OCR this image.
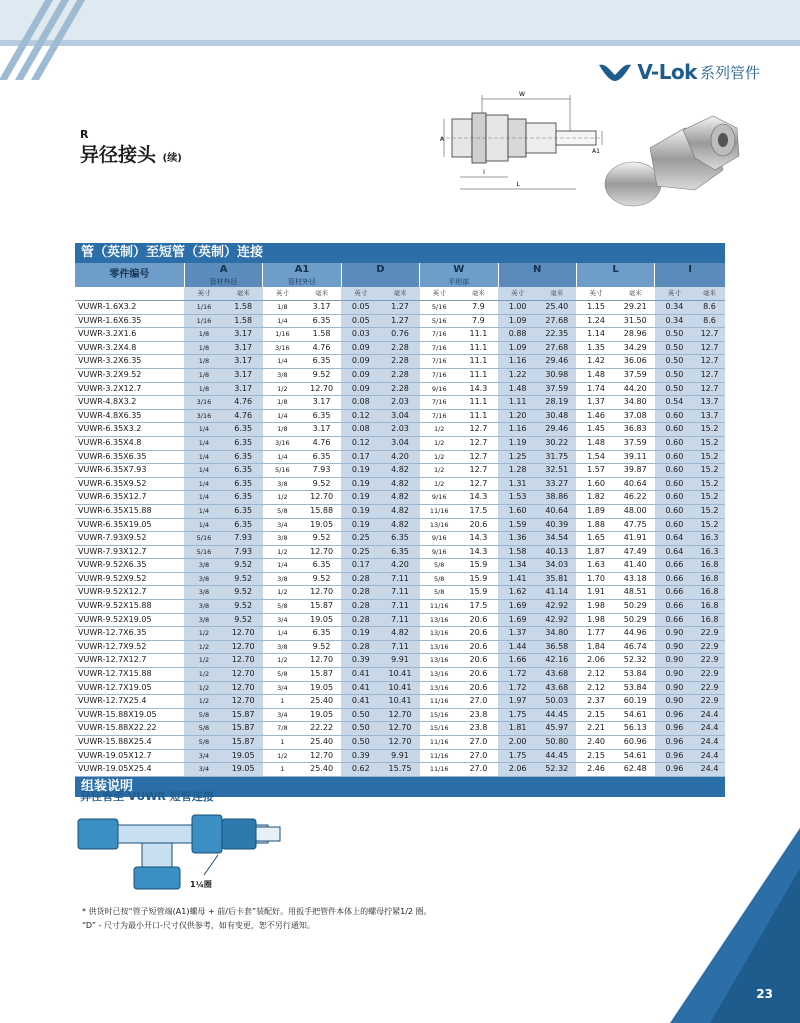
V-Lok 系列管件
R
异径接头 (续)
W
A
A1
I
L
管（英制）至短管（英制）连接
零件编号	A		A1		D		W		N		L		I	
	管材外径		管材外径				平坦部							
	英寸	毫米	英寸	毫米	英寸	毫米	英寸	毫米	英寸	毫米	英寸	毫米	英寸	毫米
VUWR-1.6X3.2	1/16	1.58	1/8	3.17	0.05	1.27	5/16	7.9	1.00	25.40	1.15	29.21	0.34	8.6
VUWR-1.6X6.35	1/16	1.58	1/4	6.35	0.05	1.27	5/16	7.9	1.09	27.68	1.24	31.50	0.34	8.6
VUWR-3.2X1.6	1/8	3.17	1/16	1.58	0.03	0.76	7/16	11.1	0.88	22.35	1.14	28.96	0.50	12.7
VUWR-3.2X4.8	1/8	3.17	3/16	4.76	0.09	2.28	7/16	11.1	1.09	27.68	1.35	34.29	0.50	12.7
VUWR-3.2X6.35	1/8	3.17	1/4	6.35	0.09	2.28	7/16	11.1	1.16	29.46	1.42	36.06	0.50	12.7
VUWR-3.2X9.52	1/8	3.17	3/8	9.52	0.09	2.28	7/16	11.1	1.22	30.98	1.48	37.59	0.50	12.7
VUWR-3.2X12.7	1/8	3.17	1/2	12.70	0.09	2.28	9/16	14.3	1.48	37.59	1.74	44.20	0.50	12.7
VUWR-4.8X3.2	3/16	4.76	1/8	3.17	0.08	2.03	7/16	11.1	1.11	28.19	1.37	34.80	0.54	13.7
VUWR-4.8X6.35	3/16	4.76	1/4	6.35	0.12	3.04	7/16	11.1	1.20	30.48	1.46	37.08	0.60	13.7
VUWR-6.35X3.2	1/4	6.35	1/8	3.17	0.08	2.03	1/2	12.7	1.16	29.46	1.45	36.83	0.60	15.2
VUWR-6.35X4.8	1/4	6.35	3/16	4.76	0.12	3.04	1/2	12.7	1.19	30.22	1.48	37.59	0.60	15.2
VUWR-6.35X6.35	1/4	6.35	1/4	6.35	0.17	4.20	1/2	12.7	1.25	31.75	1.54	39.11	0.60	15.2
VUWR-6.35X7.93	1/4	6.35	5/16	7.93	0.19	4.82	1/2	12.7	1.28	32.51	1.57	39.87	0.60	15.2
VUWR-6.35X9.52	1/4	6.35	3/8	9.52	0.19	4.82	1/2	12.7	1.31	33.27	1.60	40.64	0.60	15.2
VUWR-6.35X12.7	1/4	6.35	1/2	12.70	0.19	4.82	9/16	14.3	1.53	38.86	1.82	46.22	0.60	15.2
VUWR-6.35X15.88	1/4	6.35	5/8	15.88	0.19	4.82	11/16	17.5	1.60	40.64	1.89	48.00	0.60	15.2
VUWR-6.35X19.05	1/4	6.35	3/4	19.05	0.19	4.82	13/16	20.6	1.59	40.39	1.88	47.75	0.60	15.2
VUWR-7.93X9.52	5/16	7.93	3/8	9.52	0.25	6.35	9/16	14.3	1.36	34.54	1.65	41.91	0.64	16.3
VUWR-7.93X12.7	5/16	7.93	1/2	12.70	0.25	6.35	9/16	14.3	1.58	40.13	1.87	47.49	0.64	16.3
VUWR-9.52X6.35	3/8	9.52	1/4	6.35	0.17	4.20	5/8	15.9	1.34	34.03	1.63	41.40	0.66	16.8
VUWR-9.52X9.52	3/8	9.52	3/8	9.52	0.28	7.11	5/8	15.9	1.41	35.81	1.70	43.18	0.66	16.8
VUWR-9.52X12.7	3/8	9.52	1/2	12.70	0.28	7.11	5/8	15.9	1.62	41.14	1.91	48.51	0.66	16.8
VUWR-9.52X15.88	3/8	9.52	5/8	15.87	0.28	7.11	11/16	17.5	1.69	42.92	1.98	50.29	0.66	16.8
VUWR-9.52X19.05	3/8	9.52	3/4	19.05	0.28	7.11	13/16	20.6	1.69	42.92	1.98	50.29	0.66	16.8
VUWR-12.7X6.35	1/2	12.70	1/4	6.35	0.19	4.82	13/16	20.6	1.37	34.80	1.77	44.96	0.90	22.9
VUWR-12.7X9.52	1/2	12.70	3/8	9.52	0.28	7.11	13/16	20.6	1.44	36.58	1.84	46.74	0.90	22.9
VUWR-12.7X12.7	1/2	12.70	1/2	12.70	0.39	9.91	13/16	20.6	1.66	42.16	2.06	52.32	0.90	22.9
VUWR-12.7X15.88	1/2	12.70	5/8	15.87	0.41	10.41	13/16	20.6	1.72	43.68	2.12	53.84	0.90	22.9
VUWR-12.7X19.05	1/2	12.70	3/4	19.05	0.41	10.41	13/16	20.6	1.72	43.68	2.12	53.84	0.90	22.9
VUWR-12.7X25.4	1/2	12.70	1	25.40	0.41	10.41	11/16	27.0	1.97	50.03	2.37	60.19	0.90	22.9
VUWR-15.88X19.05	5/8	15.87	3/4	19.05	0.50	12.70	15/16	23.8	1.75	44.45	2.15	54.61	0.96	24.4
VUWR-15.88X22.22	5/8	15.87	7/8	22.22	0.50	12.70	15/16	23.8	1.81	45.97	2.21	56.13	0.96	24.4
VUWR-15.88X25.4	5/8	15.87	1	25.40	0.50	12.70	11/16	27.0	2.00	50.80	2.40	60.96	0.96	24.4
VUWR-19.05X12.7	3/4	19.05	1/2	12.70	0.39	9.91	11/16	27.0	1.75	44.45	2.15	54.61	0.96	24.4
VUWR-19.05X25.4	3/4	19.05	1	25.40	0.62	15.75	11/16	27.0	2.06	52.32	2.46	62.48	0.96	24.4
组装说明
异径管至 VUWR 短管连接
1¼圈
* 供货时已按“管子短管端(A1)螺母 + 前/后卡套”装配好。用扳手把管件本体上的螺母拧紧1/2 圈。
“D” - 尺寸为最小开口-尺寸仅供参考，如有变更，恕不另行通知。
23
